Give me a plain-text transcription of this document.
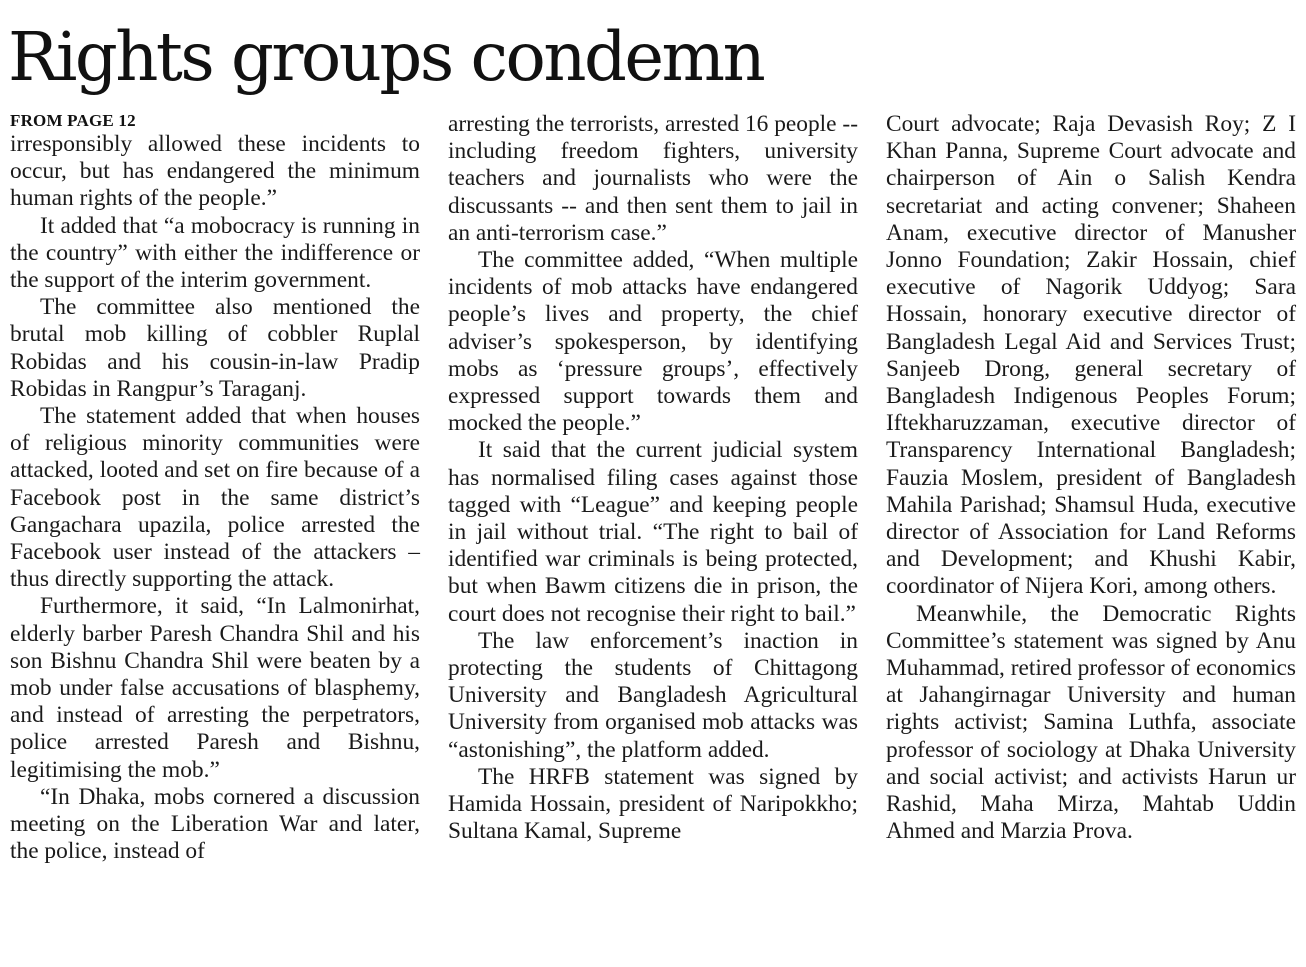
Rights groups condemn
FROM PAGE 12

irresponsibly allowed these incidents to occur, but has endangered the minimum human rights of the people.”

It added that “a mobocracy is running in the country” with either the indifference or the support of the interim government.

The committee also mentioned the brutal mob killing of cobbler Ruplal Robidas and his cousin-in-law Pradip Robidas in Rangpur’s Taraganj.

The statement added that when houses of religious minority communities were attacked, looted and set on fire because of a Facebook post in the same district’s Gangachara upazila, police arrested the Facebook user instead of the attackers – thus directly supporting the attack.

Furthermore, it said, “In Lalmonirhat, elderly barber Paresh Chandra Shil and his son Bishnu Chandra Shil were beaten by a mob under false accusations of blasphemy, and instead of arresting the perpetrators, police arrested Paresh and Bishnu, legitimising the mob.”

“In Dhaka, mobs cornered a discussion meeting on the Liberation War and later, the police, instead of

arresting the terrorists, arrested 16 people -- including freedom fighters, university teachers and journalists who were the discussants -- and then sent them to jail in an anti-terrorism case.”

The committee added, “When multiple incidents of mob attacks have endangered people’s lives and property, the chief adviser’s spokesperson, by identifying mobs as ‘pressure groups’, effectively expressed support towards them and mocked the people.”

It said that the current judicial system has normalised filing cases against those tagged with “League” and keeping people in jail without trial. “The right to bail of identified war criminals is being protected, but when Bawm citizens die in prison, the court does not recognise their right to bail.”

The law enforcement’s inaction in protecting the students of Chittagong University and Bangladesh Agricultural University from organised mob attacks was “astonishing”, the platform added.

The HRFB statement was signed by Hamida Hossain, president of Naripokkho; Sultana Kamal, Supreme

Court advocate; Raja Devasish Roy; Z I Khan Panna, Supreme Court advocate and chairperson of Ain o Salish Kendra secretariat and acting convener; Shaheen Anam, executive director of Manusher Jonno Foundation; Zakir Hossain, chief executive of Nagorik Uddyog; Sara Hossain, honorary executive director of Bangladesh Legal Aid and Services Trust; Sanjeeb Drong, general secretary of Bangladesh Indigenous Peoples Forum; Iftekharuzzaman, executive director of Transparency International Bangladesh; Fauzia Moslem, president of Bangladesh Mahila Parishad; Shamsul Huda, executive director of Association for Land Reforms and Development; and Khushi Kabir, coordinator of Nijera Kori, among others.

Meanwhile, the Democratic Rights Committee’s statement was signed by Anu Muhammad, retired professor of economics at Jahangirnagar University and human rights activist; Samina Luthfa, associate professor of sociology at Dhaka University and social activist; and activists Harun ur Rashid, Maha Mirza, Mahtab Uddin Ahmed and Marzia Prova.
